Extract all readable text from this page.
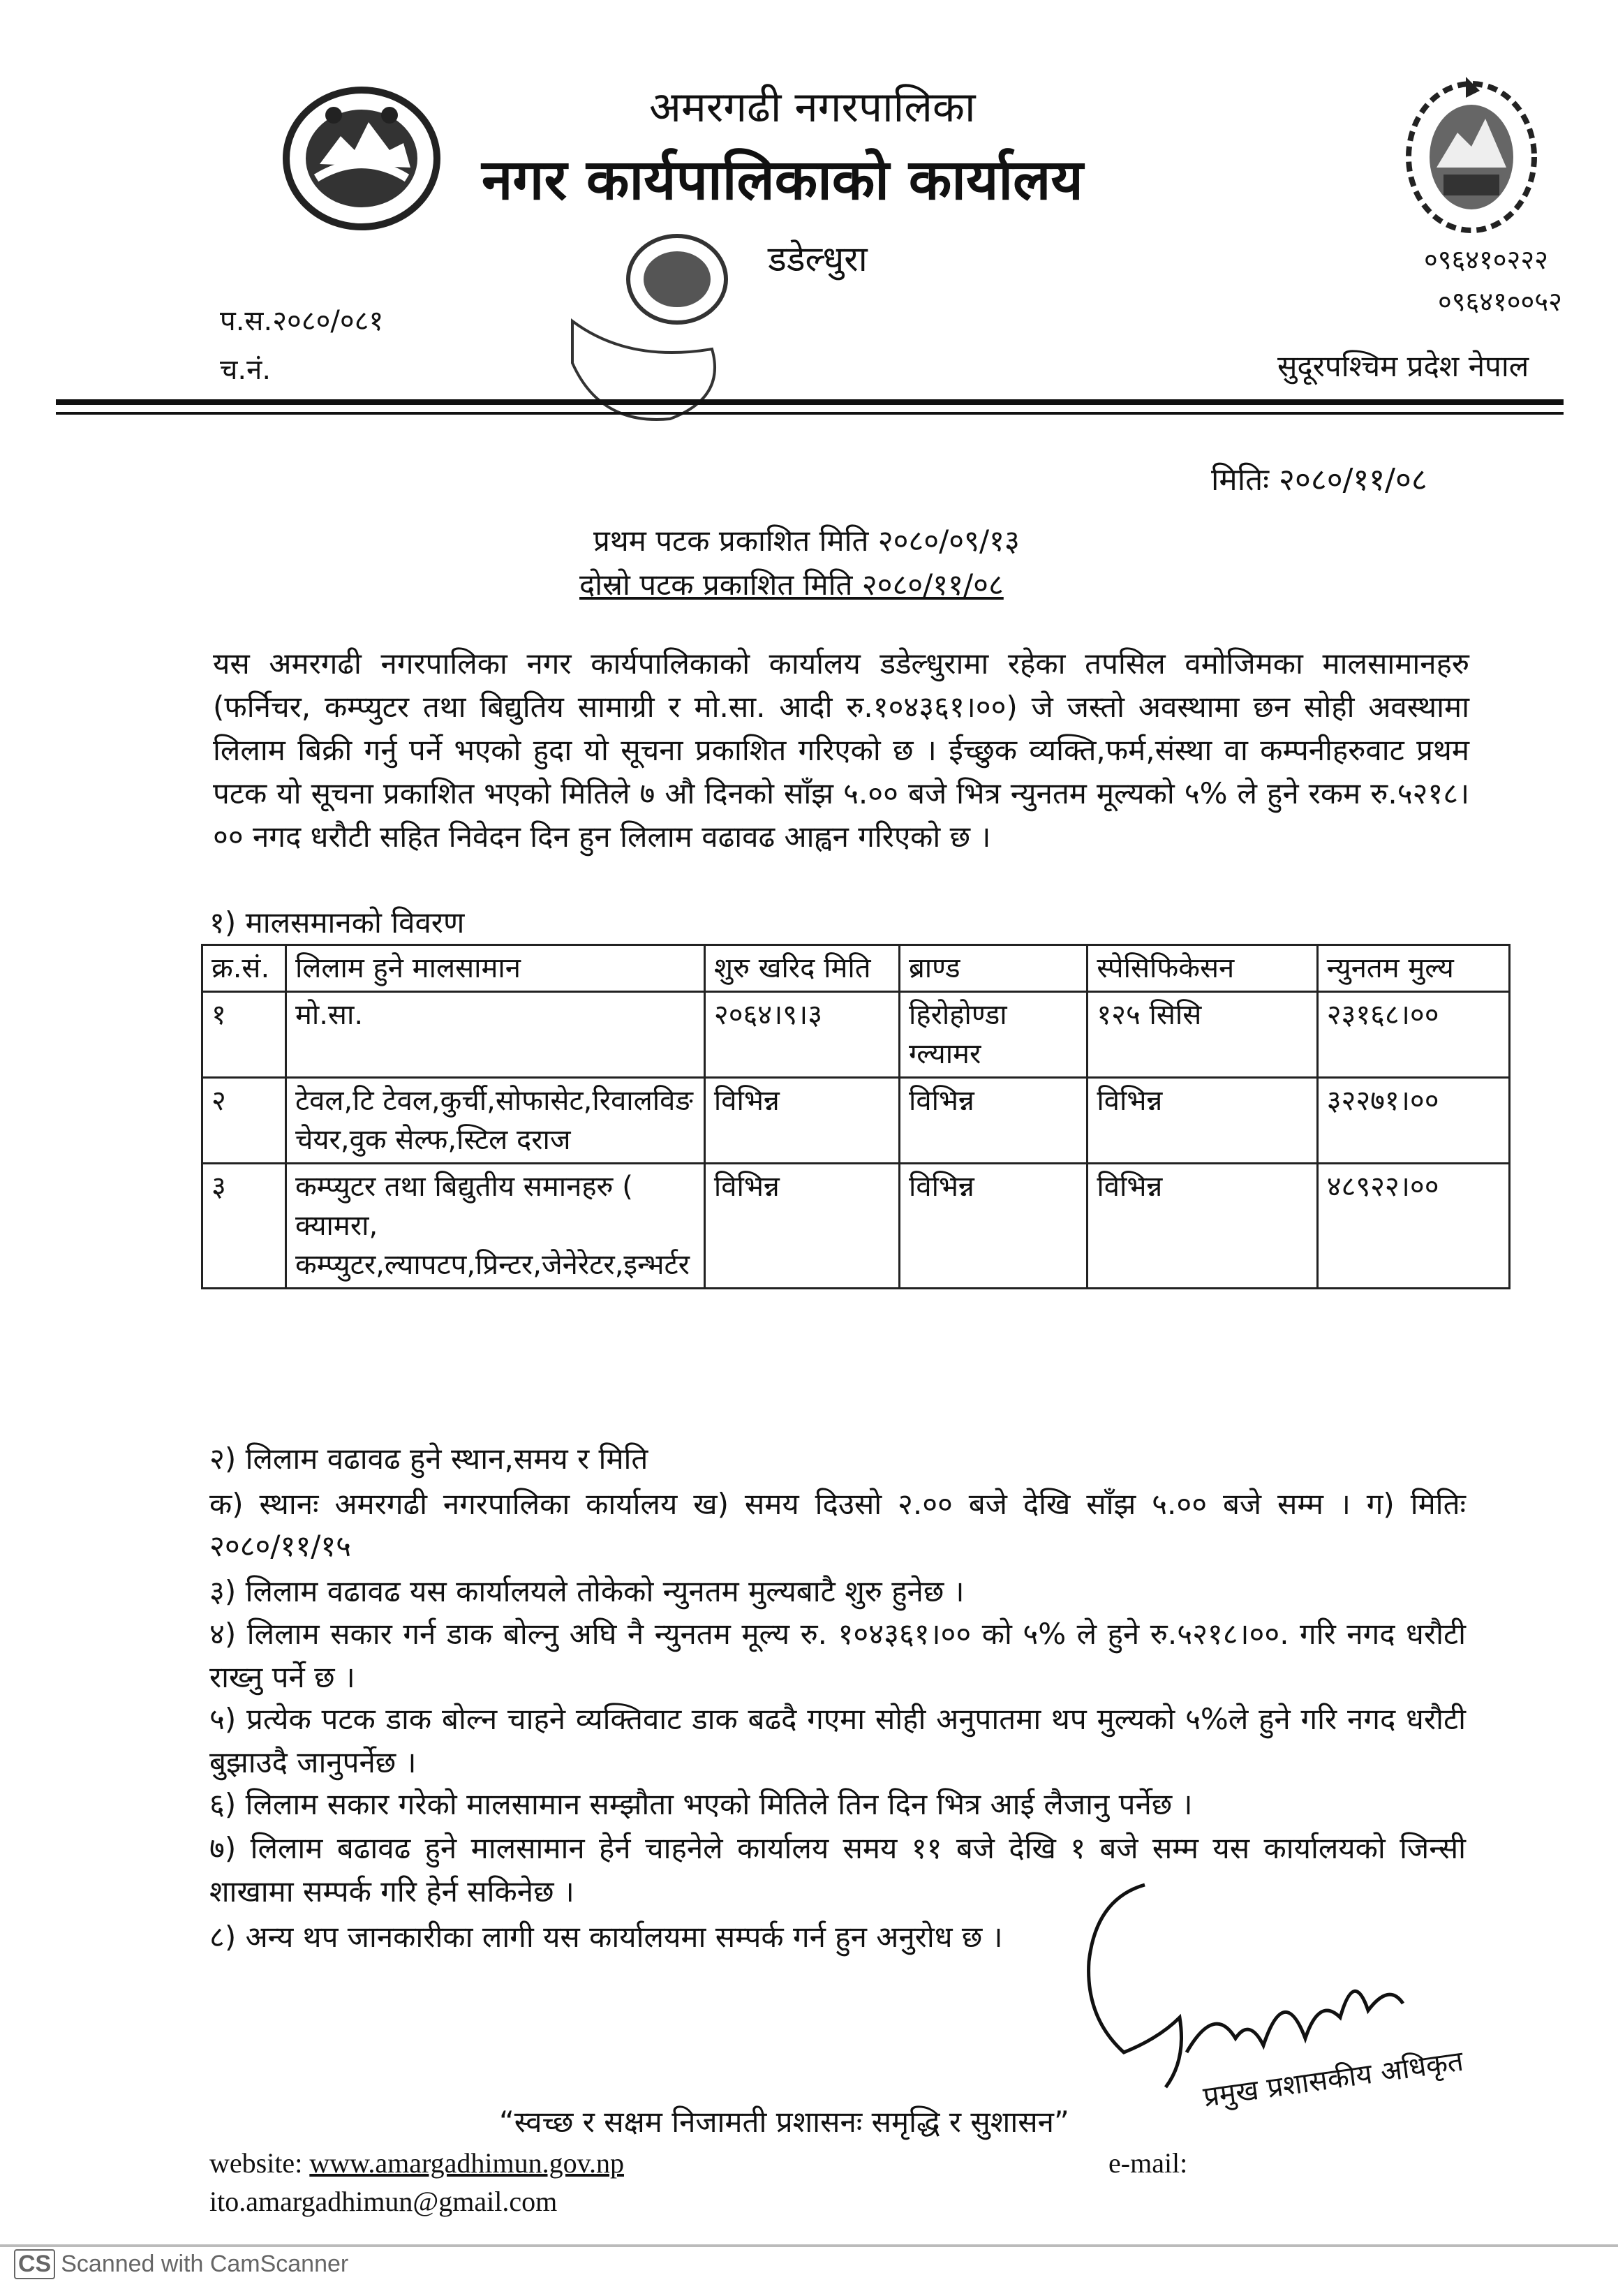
अमरगढी नगरपालिका
नगर कार्यपालिकाको कार्यालय
डडेल्धुरा
प.स.२०८०/०८१
च.नं.
०९६४१०२२२
०९६४१००५२
सुदूरपश्चिम प्रदेश नेपाल
मितिः २०८०/११/०८
प्रथम पटक प्रकाशित मिति २०८०/०९/१३
दोस्रो पटक प्रकाशित मिति २०८०/११/०८
यस अमरगढी नगरपालिका नगर कार्यपालिकाको कार्यालय डडेल्धुरामा रहेका तपसिल वमोजिमका मालसामानहरु (फर्निचर, कम्प्युटर तथा बिद्युतिय सामाग्री र मो.सा. आदी रु.१०४३६१।००) जे जस्तो अवस्थामा छन सोही अवस्थामा लिलाम बिक्री गर्नु पर्ने भएको हुदा यो सूचना प्रकाशित गरिएको छ । ईच्छुक व्यक्ति,फर्म,संस्था वा कम्पनीहरुवाट प्रथम पटक यो सूचना प्रकाशित भएको मितिले ७ औ दिनको साँझ ५.०० बजे भित्र न्युनतम मूल्यको ५% ले हुने रकम रु.५२१८।०० नगद धरौटी सहित निवेदन दिन हुन लिलाम वढावढ आह्वन गरिएको छ ।
१) मालसमानको विवरण
क्र.सं.	लिलाम हुने मालसामान	शुरु खरिद मिति	ब्राण्ड	स्पेसिफिकेसन	न्युनतम मुल्य
१	मो.सा.	२०६४।९।३	हिरोहोण्डा ग्ल्यामर	१२५ सिसि	२३१६८।००
२	टेवल,टि टेवल,कुर्ची,सोफासेट,रिवालविङ चेयर,वुक सेल्फ,स्टिल दराज	विभिन्न	विभिन्न	विभिन्न	३२२७१।००
३	कम्प्युटर तथा बिद्युतीय समानहरु ( क्यामरा, कम्प्युटर,ल्यापटप,प्रिन्टर,जेनेरेटर,इन्भर्टर	विभिन्न	विभिन्न	विभिन्न	४८९२२।००
२) लिलाम वढावढ हुने स्थान,समय र मिति
क) स्थानः अमरगढी नगरपालिका कार्यालय ख) समय दिउसो २.०० बजे देखि साँझ ५.०० बजे सम्म । ग) मितिः २०८०/११/१५
३) लिलाम वढावढ यस कार्यालयले तोकेको न्युनतम मुल्यबाटै शुरु हुनेछ ।
४) लिलाम सकार गर्न डाक बोल्नु अघि नै न्युनतम मूल्य रु. १०४३६१।०० को ५% ले हुने रु.५२१८।००. गरि नगद धरौटी राख्नु पर्ने छ ।
५) प्रत्येक पटक डाक बोल्न चाहने व्यक्तिवाट डाक बढदै गएमा सोही अनुपातमा थप मुल्यको ५%ले हुने गरि नगद धरौटी बुझाउदै जानुपर्नेछ ।
६) लिलाम सकार गरेको मालसामान सम्झौता भएको मितिले तिन दिन भित्र आई लैजानु पर्नेछ ।
७) लिलाम बढावढ हुने मालसामान हेर्न चाहनेले कार्यालय समय ११ बजे देखि १ बजे सम्म यस कार्यालयको जिन्सी शाखामा सम्पर्क गरि हेर्न सकिनेछ ।
८) अन्य थप जानकारीका लागी यस कार्यालयमा सम्पर्क गर्न हुन अनुरोध छ ।
प्रमुख प्रशासकीय अधिकृत
“स्वच्छ र सक्षम निजामती प्रशासनः समृद्धि र सुशासन”
website: www.amargadhimun.gov.np	e-mail:
ito.amargadhimun@gmail.com
CS Scanned with CamScanner
